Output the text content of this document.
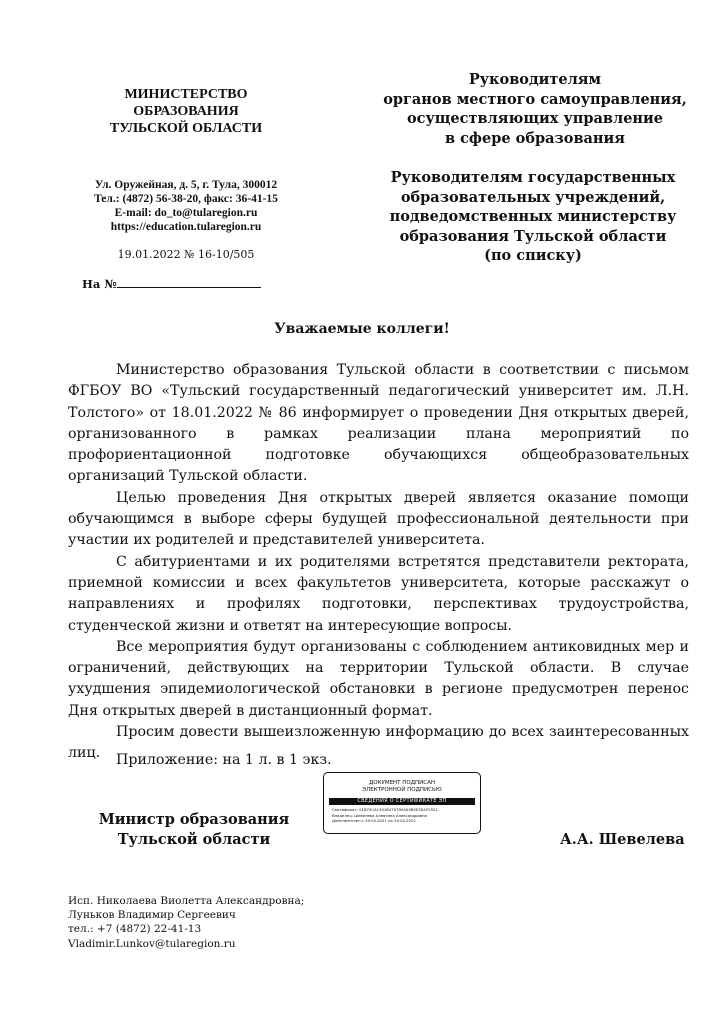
МИНИСТЕРСТВО
ОБРАЗОВАНИЯ
ТУЛЬСКОЙ ОБЛАСТИ
Ул. Оружейная, д. 5, г. Тула, 300012
Тел.: (4872) 56-38-20, факс: 36-41-15
E-mail: do_to@tularegion.ru
https://education.tularegion.ru
19.01.2022 № 16-10/505
На №
Руководителям
органов местного самоуправления,
осуществляющих управление
в сфере образования
Руководителям государственных
образовательных учреждений,
подведомственных министерству
образования Тульской области
(по списку)
Уважаемые коллеги!

Министерство образования Тульской области в соответствии с письмом ФГБОУ ВО «Тульский государственный педагогический университет им. Л.Н. Толстого» от 18.01.2022 № 86 информирует о проведении Дня открытых дверей, организованного в рамках реализации плана мероприятий по профориентационной подготовке обучающихся общеобразовательных организаций Тульской области.

Целью проведения Дня открытых дверей является оказание помощи обучающимся в выборе сферы будущей профессиональной деятельности при участии их родителей и представителей университета.

С абитуриентами и их родителями встретятся представители ректората, приемной комиссии и всех факультетов университета, которые расскажут о направлениях и профилях подготовки, перспективах трудоустройства, студенческой жизни и ответят на интересующие вопросы.

Все мероприятия будут организованы с соблюдением антиковидных мер и ограничений, действующих на территории Тульской области. В случае ухудшения эпидемиологической обстановки в регионе предусмотрен перенос Дня открытых дверей в дистанционный формат.

Просим довести вышеизложенную информацию до всех заинтересованных лиц.	Приложение: на 1 л. в 1 экз.
Министр образования
Тульской области
ДОКУМЕНТ ПОДПИСАН
ЭЛЕКТРОННОЙ ПОДПИСЬЮ
СВЕДЕНИЯ О СЕРТИФИКАТЕ ЭП
Сертификат: 01B75CA1301B4707904A3B3E3D1F0522
Владелец: Шевелева Алевтина Александровна
Действителен с 29.04.2021 по 29.04.2022
А.А. Шевелева
Исп. Николаева Виолетта Александровна;
Луньков Владимир Сергеевич
тел.: +7 (4872) 22-41-13
Vladimir.Lunkov@tularegion.ru
